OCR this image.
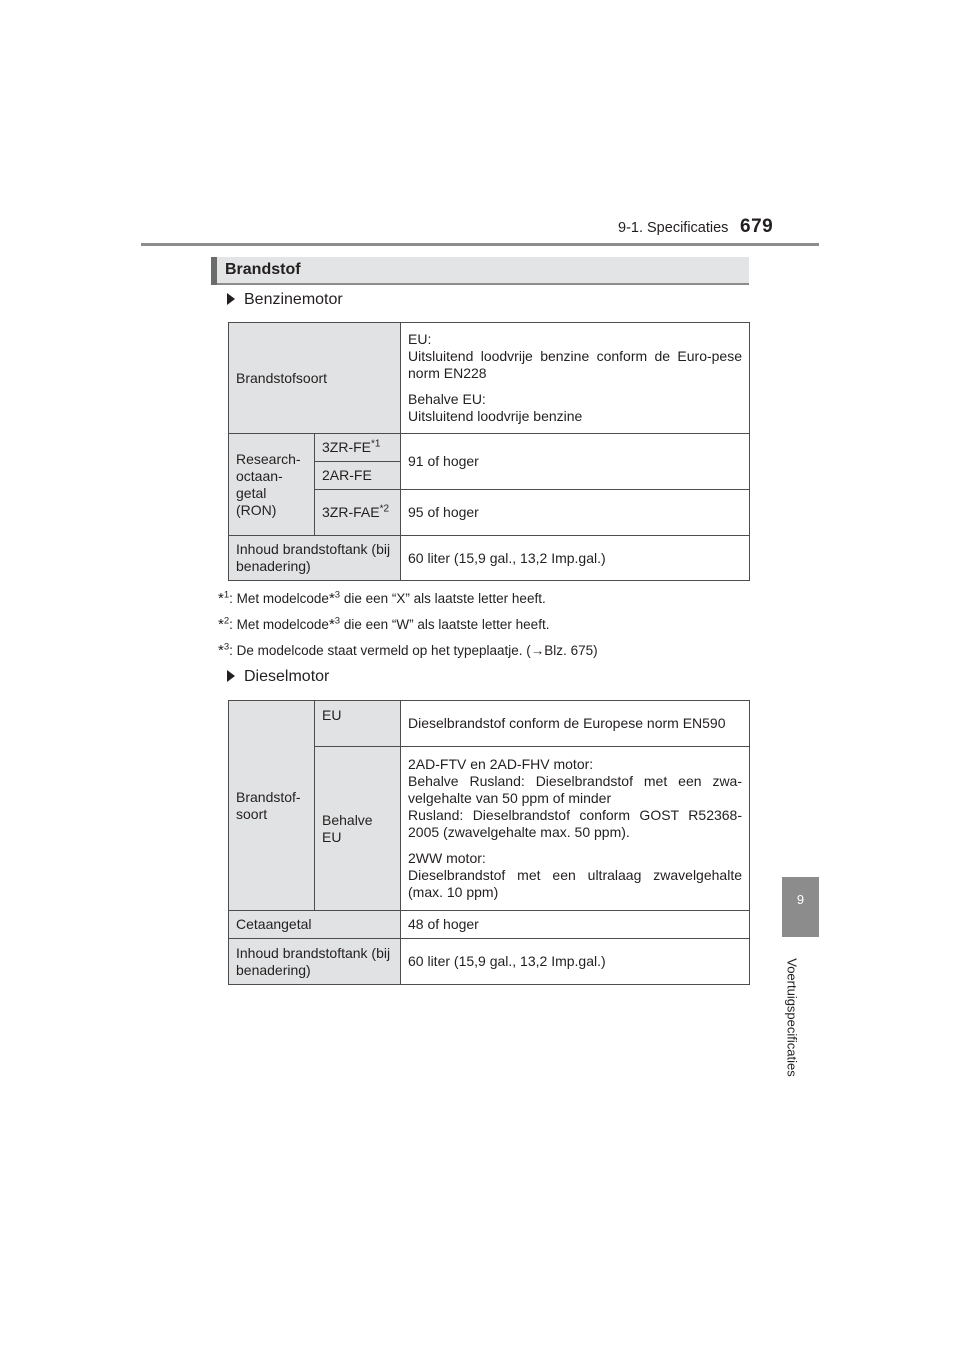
9-1. Specificaties 679
9
Voertuigspecificaties
Brandstof
Benzinemotor
Brandstofsoort		EU:

Uitsluitend loodvrije benzine conform de Euro-pese norm EN228

Behalve EU:
Uitsluitend loodvrije benzine

Research-octaan-getal (RON)	3ZR-FE$^{*1}$	91 of hoger
	2AR-FE	
	3ZR-FAE$^{*2}$	95 of hoger
Inhoud brandstoftank (bij benadering)		60 liter (15,9 gal., 13,2 Imp.gal.)
*$^1$: Met modelcode*$^3$ die een “X” als laatste letter heeft.
*$^2$: Met modelcode*$^3$ die een “W” als laatste letter heeft.
*$^3$: De modelcode staat vermeld op het typeplaatje. (→Blz. 675)
Dieselmotor
Brandstof-soort	EU	Dieselbrandstof conform de Europese norm EN590
	Behalve EU	2AD-FTV en 2AD-FHV motor:

Behalve Rusland: Dieselbrandstof met een zwa-velgehalte van 50 ppm of minder
Rusland: Dieselbrandstof conform GOST R52368-2005 (zwavelgehalte max. 50 ppm).

2WW motor:

Dieselbrandstof met een ultralaag zwavelgehalte (max. 10 ppm)

Cetaangetal		48 of hoger
Inhoud brandstoftank (bij benadering)		60 liter (15,9 gal., 13,2 Imp.gal.)
